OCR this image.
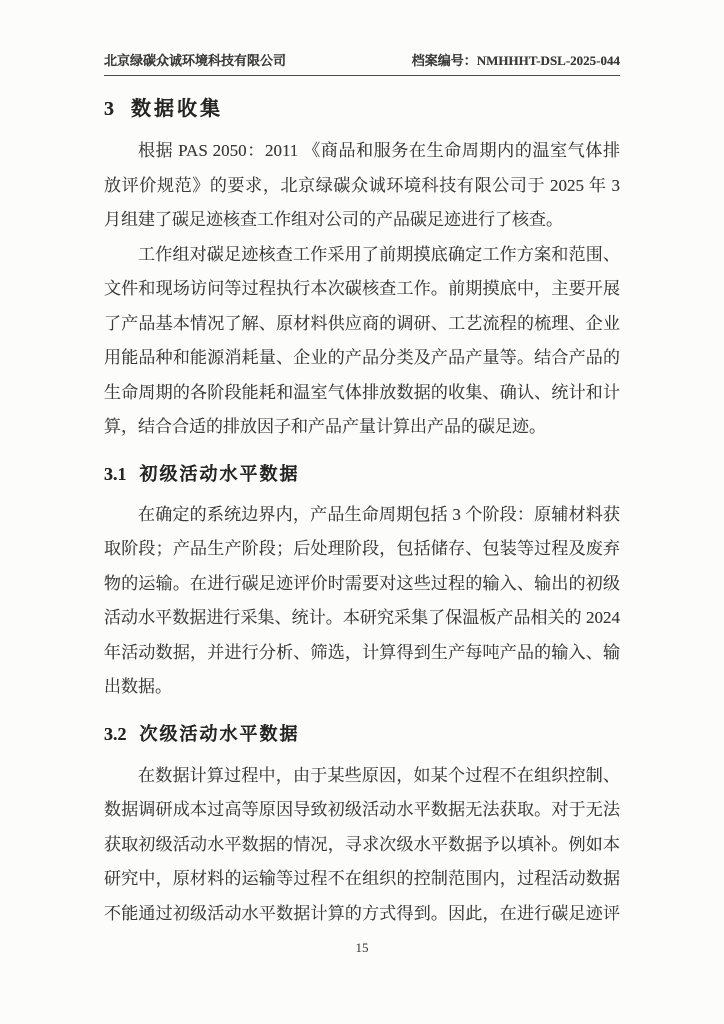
北京绿碳众诚环境科技有限公司	档案编号：NMHHHT-DSL-2025-044
3 数据收集
根据 PAS 2050：2011 《商品和服务在生命周期内的温室气体排
放评价规范》的要求，北京绿碳众诚环境科技有限公司于 2025 年 3
月组建了碳足迹核查工作组对公司的产品碳足迹进行了核查。
工作组对碳足迹核查工作采用了前期摸底确定工作方案和范围、
文件和现场访问等过程执行本次碳核查工作。前期摸底中，主要开展
了产品基本情况了解、原材料供应商的调研、工艺流程的梳理、企业
用能品种和能源消耗量、企业的产品分类及产品产量等。结合产品的
生命周期的各阶段能耗和温室气体排放数据的收集、确认、统计和计
算，结合合适的排放因子和产品产量计算出产品的碳足迹。
3.1 初级活动水平数据
在确定的系统边界内，产品生命周期包括 3 个阶段：原辅材料获
取阶段；产品生产阶段；后处理阶段，包括储存、包装等过程及废弃
物的运输。在进行碳足迹评价时需要对这些过程的输入、输出的初级
活动水平数据进行采集、统计。本研究采集了保温板产品相关的 2024
年活动数据，并进行分析、筛选，计算得到生产每吨产品的输入、输
出数据。
3.2 次级活动水平数据
在数据计算过程中，由于某些原因，如某个过程不在组织控制、
数据调研成本过高等原因导致初级活动水平数据无法获取。对于无法
获取初级活动水平数据的情况，寻求次级水平数据予以填补。例如本
研究中，原材料的运输等过程不在组织的控制范围内，过程活动数据
不能通过初级活动水平数据计算的方式得到。因此，在进行碳足迹评
15
